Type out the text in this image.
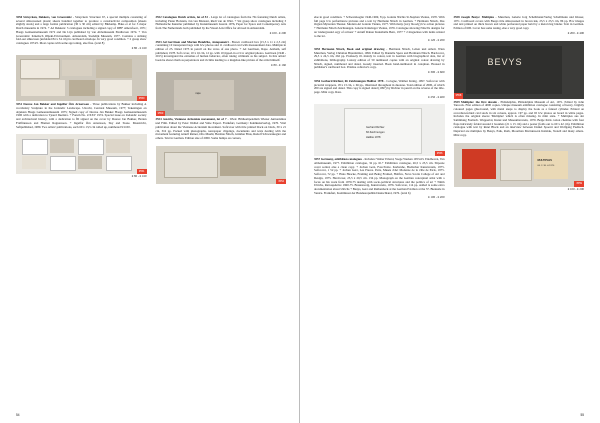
3550 Struycken, Dekkers, von Graevenitz - Struycken: Structuur 67, a special multiple consisting of several silkscreened plastic sheets bundled together to produce a constructivist composition (sheets slightly stuck) and a large format publication (30 x 30 cm) edited by Bürkamp. Haks et al for 3 major Dutch museums in 1974. + Ad Dekkers: 3 catalogues including a signed copy of DHF Amersfoort, 1971; Haags Gemeentemuseum 1972 and De Lijn published by van Abbemuseum Eindhoven 1974. + Von Graevenitz: Kinetisch Objekt-Environment. Amsterdam, Stedelijk Museum, 1977. Contains a striking fold-out silkscreen (unfolded 84 x 54 cm) in cardboard envelope. In very good condition. + 2 group show catalogues 1974/5. Most copies with some age toning, else fine. (total 8)
€ 80 - € 160
3550
3551 Douwe Jan Bakker and Ingelfar Örn Arnarsson - Three publications by Bakker including A vocabulary Sculpture in the Icelandic Landscape. Utrecht, Centraal Museum, 1977; Tekeningen en objekten Haags Gemeentemuseum 1975; Signed copy of Douwe Jan Bakker Haags Gemeentemuseum 1990 with a dedication to Tjeerd Deelstra. + Forum No. 2/XXV 1974. Special issue on Icelandic society and architectural history, with a dedication to ÍD signed on the cover by Douwe Jan Bakker, Herien Fridfinnsson and Hreinar Ragnarsson. + Ingelfar Örn Arnarsson, Sky and Stone. Maastricht, Sefipublished, 1980. Two artists' publications, each 60 x 13,5 cm rolled up, numbered 9/1100.
3551
€ 80 - € 160
3552 Catalogues Dutch artists, lot of 53 - Large lot of catalogues from the 70s featuring Dutch artists, including Pieter Holstein, Jan van Munster, Rudi van de Wint. + Six group show catalogues including 3 Hollandsche Kunstler published by Kunstmuseum Luzern 1976, Paper for Space and Contemporary Arts from The Netherlands both published by the Visual Arts Office for Abroad in Amsterdam.
€ 100 - € 200
3553 Ad Gerritsen and Marten Hendriks, Antopometri - Brown cardboard box (15,5 x 11 x 2,5 cm) containing 10 transparent bags with b/w photos and 11 cardboard card with measurement data. Multiple in edition of 25. Dated 1973 in pencil on the verso of one photo. + Ad Gerritsen, Rape. Arnhem, self published, 1978. Soft cover, 10 x 16 cm, 12 pp. with 10 tipped-in or b/w original photos. Gerritsen (1940 - 2015) investigated the extremes of human behavior, often taking criminals as his subject. In this artists' book he shows them as perpetrators and victims leading to a mugshot-like picture of the artist himself.
€ 80 - € 160
rape
3553
3554 Austria, Viennese Actionism movement, lot of 7 - Wien: Bildkompendium Wiener Aktionismus und Film. Edited by Peter Weibel and Valie Export. Frankfurt, Germany: Kohlkunstverlag, 1970. Vital publication about the Viennese Actionism movement. Softcover with title printed black on black, 30 x 21 cm, 316 pp. Packed with photographs, newspaper clippings, documents and texts dealing with the movement featuring Arnulf Rainer, Otto Muehl, Herman Nitsch, Günther Brus, Rudolf Schwarzkogler and others. Text in German. Edition size of 2000. Some bumps on corners,
3554
54
else in good condition. + Schwarzkogler 1940-1969, 8 pp. Galerie Nächts St.Stephan Vienna, 1970. With full page b/w performance pictures and a text by Hermann Nitsch in German. + Hermann Nitsch, Das Orgien Mysterien Theater. Modern Art Galerie Vienna, 1977. With many (very bloody) b/w action pictures + Hermann Nitsch Zeichnungen. Galerie Krinzinger Vienna, 1976. Catalogue showing Nitsch's designs for an 'underground orgy of actions' + Arnulf Rainer Kunsthalle Bern, 1977 + 2 magazines with items related to the lot.
€ 120 - € 200
3555 Hermann Nitsch, Book and original drawing - Hermann Nitsch, Leben und Arbeit. Wien Munchen, Verlag Christian Brandstätter, 1999. Edited by Danielle Spera and Hermann Nitsch. Hardcover, 29,5 x 24,5 cm, 262 pp. Profusely ill. mainly in colour, text in German with biographical data, list of exhibitions, bibliography. Luxury edition of 50 numbered copies with an original colour drawing by Nitsch, signed, numbered and dated, loosely inserted. Book hand-numbered in colophon. Housed in publisher's cardboard box. Pristine collector's copy.
€ 300 - € 600
3556 Gerhard Richter, 66 Zeichnungen Halifax 1978 - Cologne, Walther König, 1997. Softcover with pictorial wrappers, 18 x 13 cm, c. 66 pp., illustrated throughout in duotone. Total edition of 2000, of which 200 are signed and dated. This copy is signed dated (1997) by Richter in pencil on the reverse of the title-page. Mint copy. Rare.
€ 250 - € 400
Gerhard Richter
66 Zeichnungen
Halifax 1978
3556
3557 Germany, exhibition catalogues - Includes: Walter Erhard, Voege Werken 1953-63. Eindhoven, Van Abbemuseum, 1977. Exhibition catalogue, 32 pp. ill.+ Exhibition catalogue, 26,5 x 23,5 cm. Sliposie cover soiled, else a clean copy. + Jochen Gerz, Foto/Texte. Karlsruhe, Badischer Kunstverein, 1975. Softcover, 1 52 pp. + Jochen Gerz, Les Pieces. Paris, Musée d'Art Moderne de la ville de Paris, 1975. Softcover, 72 pp. + Hans Haacke, Framing and Being Framed, Halifax, Nova Scotia College of Art and Design, 1975. Hardcover, 23,5 x 20,5 cm. 134 pp. Monograph on the German conceptual artist with a focus on his work from 1970-75 dealing with socio-political structures and the politics of art + Timm Ulrichs, Retrospektive 1960-75. Braunsweig, Kunstverein, 1976. Softcover, 114 pp. Added is some extra documentation about Ulrichs + Beuys, Gerz and Ruthenbeck at the German Pavilion at the 37. Biennale in Venice. Frankfurt, Kommissar der Bundesrepublik Deutschland, 1976. (total 6)
€ 100 - € 200
3558 Joseph Beuys: Multiples - Munchen, Galerie Jorg Schellmann/Verlag Schellmann und Kluser, 1971. Cardboard covers with Beuys title silkscreened in brown ink, 23,5 x 23,5 cm, 86 pp. B/w images and text printed on thick brown and white perforated paper held by a metal ring binder. Text in German. Edition of 600. Cover has some toning, else a very good copy.
€ 200 - € 400
BEVYS
3558
3559 Multiples: the first decade - Philadelphia, Philadelphia Museum of Art, 1971. Edited by John Tancock. First edition of 4000 copies. Unique museum exhibition catalogue consisting of heavy, brightly coloured pages glue-bound, with metal snaps to display the book as a fanned cylinder. Printed on accordion-folded card stock in six colours, approx. 197 pp. and 65 b/w photos on board in white pages. Includes the original sleeve 'Multiples' which is often missing. In mint state. + Multiples aus der Sammlung Feelisch. Wuppertal, Kunst und Museumsverein, 1979. Beige thick cotton chemise with four flaps intricately folded around 2 booklets (21 x 15 cm) and a poster (folds out to 60 x 42 cm). Exhibition catalogue with text by René Block and an interview between Daniel Spoerri and Wolfgang Feelisch. Depicted are multiples by Beuys, Paik, Roth, Moorman Maciunas/en Kniziak, Vostell and many others. Mint copy.
MULTIPLES
66. 2. 90. & 1970
3559
€ 100 - € 200
55
